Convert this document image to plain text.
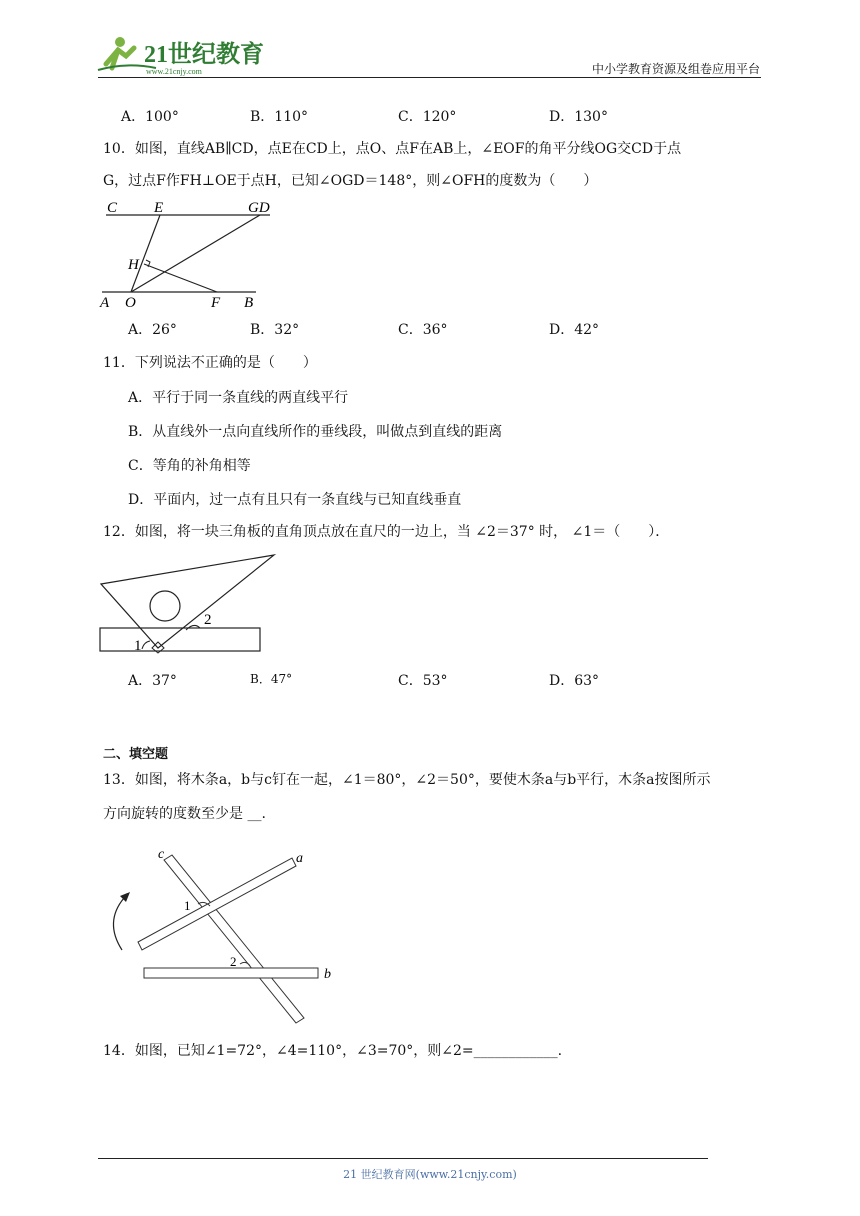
21世纪教育
www.21cnjy.com	中小学教育资源及组卷应用平台
A．100°	B．110°	C．120°	D．130°
10．如图，直线AB∥CD，点E在CD上，点O、点F在AB上，∠EOF的角平分线OG交CD于点
G，过点F作FH⊥OE于点H，已知∠OGD＝148°，则∠OFH的度数为（　　）
C E	GD
H
A O	F B
A．26°	B．32°	C．36°	D．42°
11．下列说法不正确的是（　　）
A．平行于同一条直线的两直线平行
B．从直线外一点向直线所作的垂线段，叫做点到直线的距离
C．等角的补角相等
D．平面内，过一点有且只有一条直线与已知直线垂直
12．如图，将一块三角板的直角顶点放在直尺的一边上，当 ∠2＝37° 时， ∠1＝（　　）．
1
2
A．37°	B．47°	C．53°	D．63°
二、填空题
13．如图，将木条a，b与c钉在一起，∠1＝80°，∠2＝50°，要使木条a与b平行，木条a按图所示
方向旋转的度数至少是 __.
c	a
1
2
b
14．如图，已知∠1=72°，∠4=110°，∠3=70°，则∠2=____________.
21 世纪教育网(www.21cnjy.com)
